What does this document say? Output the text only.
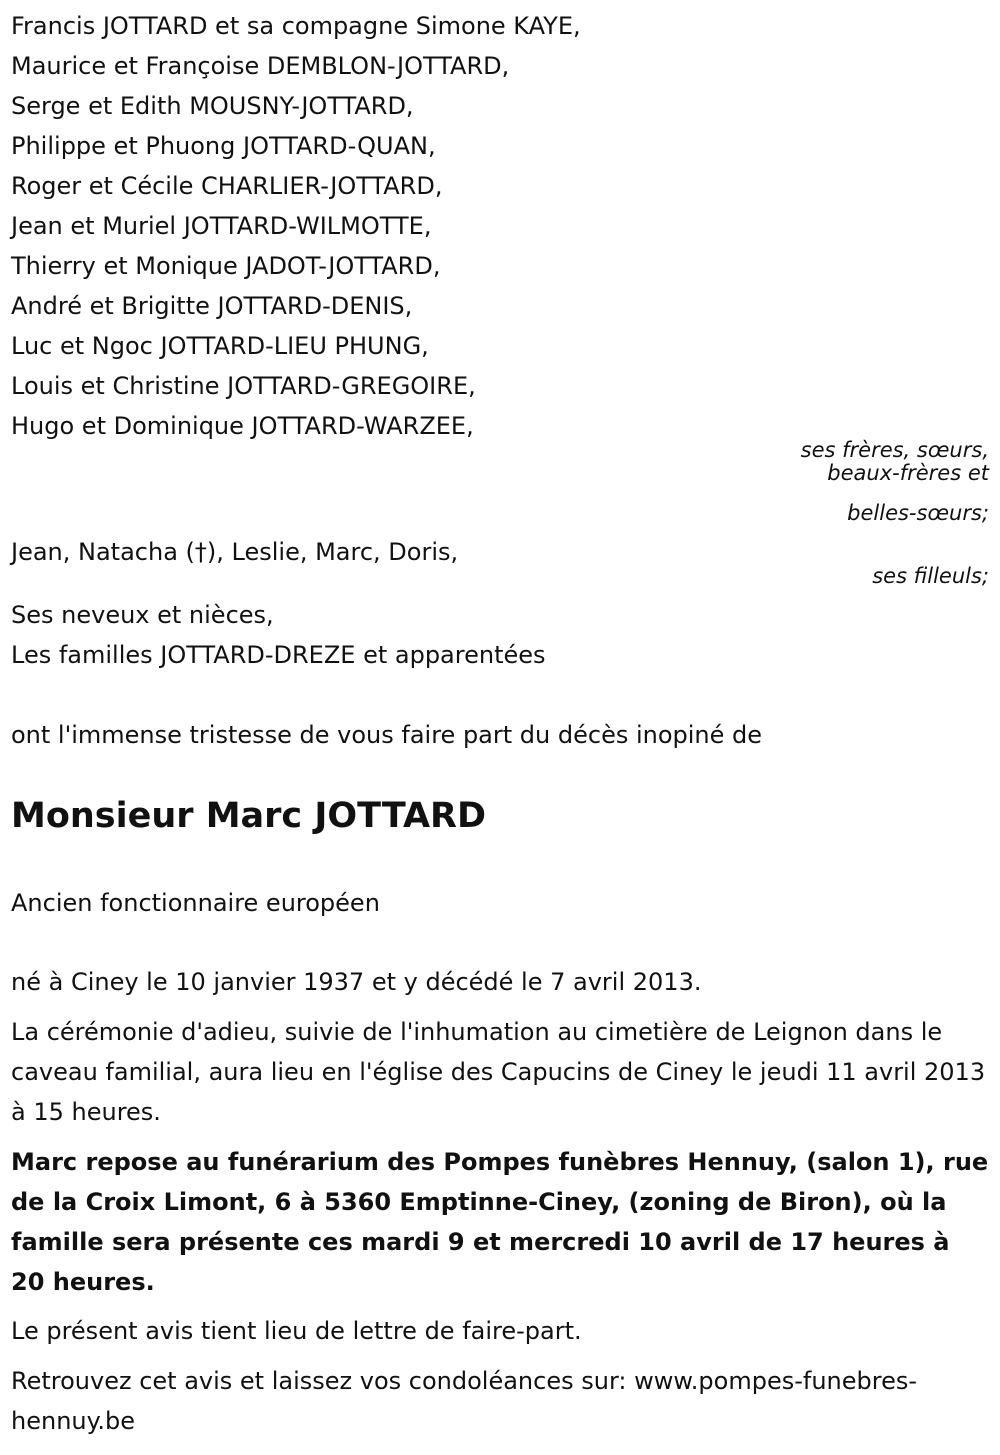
Francis JOTTARD et sa compagne Simone KAYE,
Maurice et Françoise DEMBLON-JOTTARD,
Serge et Edith MOUSNY-JOTTARD,
Philippe et Phuong JOTTARD-QUAN,
Roger et Cécile CHARLIER-JOTTARD,
Jean et Muriel JOTTARD-WILMOTTE,
Thierry et Monique JADOT-JOTTARD,
André et Brigitte JOTTARD-DENIS,
Luc et Ngoc JOTTARD-LIEU PHUNG,
Louis et Christine JOTTARD-GREGOIRE,
Hugo et Dominique JOTTARD-WARZEE,
ses frères, sœurs,
beaux-frères et
belles-sœurs;
Jean, Natacha (†), Leslie, Marc, Doris,
ses filleuls;
Ses neveux et nièces,
Les familles JOTTARD-DREZE et apparentées
ont l'immense tristesse de vous faire part du décès inopiné de
Monsieur Marc JOTTARD
Ancien fonctionnaire européen
né à Ciney le 10 janvier 1937 et y décédé le 7 avril 2013.
La cérémonie d'adieu, suivie de l'inhumation au cimetière de Leignon dans le caveau familial, aura lieu en l'église des Capucins de Ciney le jeudi 11 avril 2013 à 15 heures.
Marc repose au funérarium des Pompes funèbres Hennuy, (salon 1), rue de la Croix Limont, 6 à 5360 Emptinne-Ciney, (zoning de Biron), où la famille sera présente ces mardi 9 et mercredi 10 avril de 17 heures à 20 heures.
Le présent avis tient lieu de lettre de faire-part.
Retrouvez cet avis et laissez vos condoléances sur: www.pompes-funebres-hennuy.be
